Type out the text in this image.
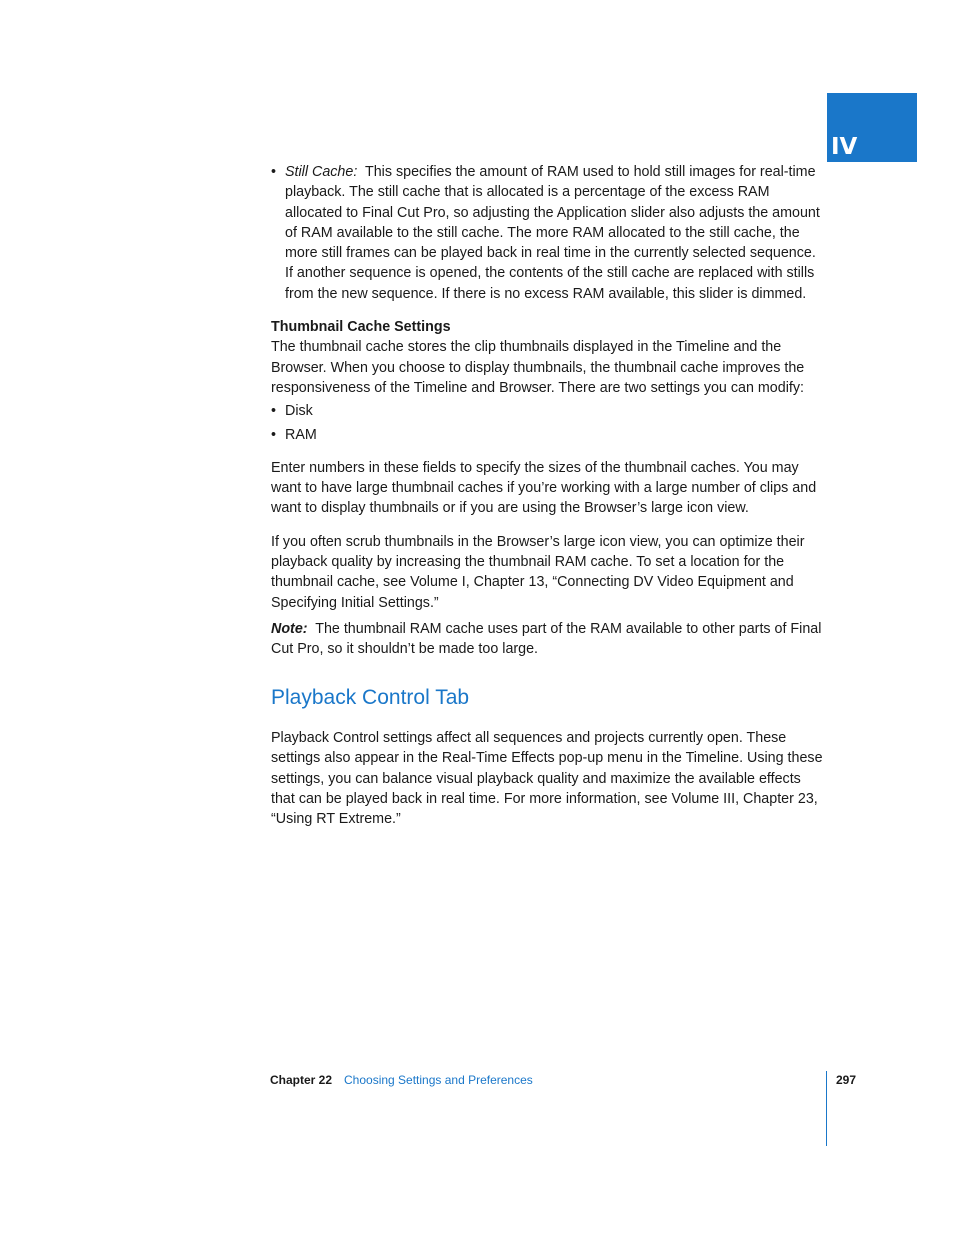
IV

• Still Cache: This specifies the amount of RAM used to hold still images for real-time playback. The still cache that is allocated is a percentage of the excess RAM allocated to Final Cut Pro, so adjusting the Application slider also adjusts the amount of RAM available to the still cache. The more RAM allocated to the still cache, the more still frames can be played back in real time in the currently selected sequence. If another sequence is opened, the contents of the still cache are replaced with stills from the new sequence. If there is no excess RAM available, this slider is dimmed.

Thumbnail Cache Settings

The thumbnail cache stores the clip thumbnails displayed in the Timeline and the Browser. When you choose to display thumbnails, the thumbnail cache improves the responsiveness of the Timeline and Browser. There are two settings you can modify:

• Disk

• RAM

Enter numbers in these fields to specify the sizes of the thumbnail caches. You may want to have large thumbnail caches if you’re working with a large number of clips and want to display thumbnails or if you are using the Browser’s large icon view.

If you often scrub thumbnails in the Browser’s large icon view, you can optimize their playback quality by increasing the thumbnail RAM cache. To set a location for the thumbnail cache, see Volume I, Chapter 13, “Connecting DV Video Equipment and Specifying Initial Settings.”

Note: The thumbnail RAM cache uses part of the RAM available to other parts of Final Cut Pro, so it shouldn’t be made too large.

Playback Control Tab

Playback Control settings affect all sequences and projects currently open. These settings also appear in the Real-Time Effects pop-up menu in the Timeline. Using these settings, you can balance visual playback quality and maximize the available effects that can be played back in real time. For more information, see Volume III, Chapter 23, “Using RT Extreme.”

Chapter 22 Choosing Settings and Preferences	297
